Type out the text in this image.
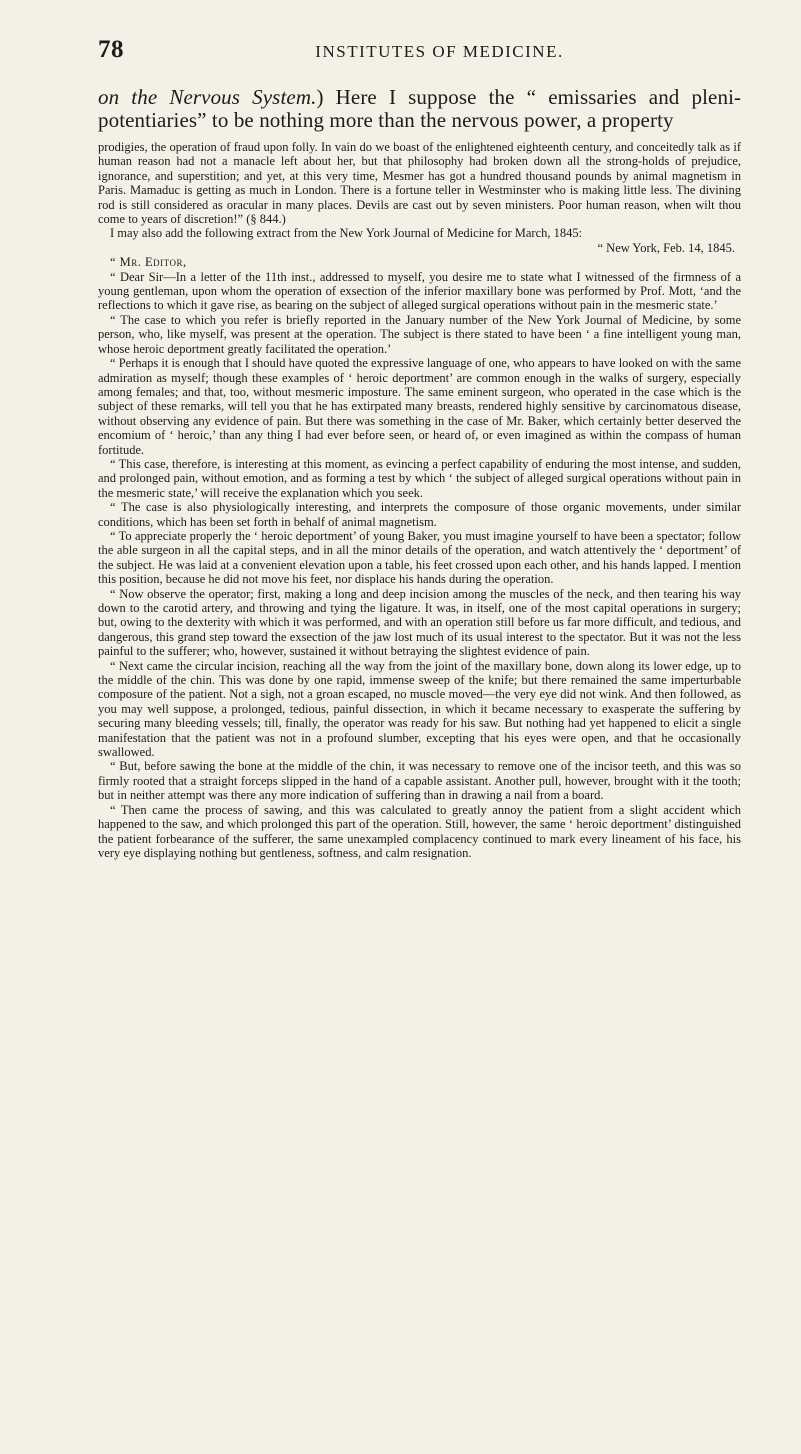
78	INSTITUTES OF MEDICINE.
on the Nervous System.) Here I suppose the “ emissaries and plenipotentiaries” to be nothing more than the nervous power, a property

prodigies, the operation of fraud upon folly. In vain do we boast of the enlightened eighteenth century, and conceitedly talk as if human reason had not a manacle left about her, but that philosophy had broken down all the strong-holds of prejudice, ignorance, and superstition; and yet, at this very time, Mesmer has got a hundred thousand pounds by animal magnetism in Paris. Mamaduc is getting as much in London. There is a fortune teller in Westminster who is making little less. The divining rod is still considered as oracular in many places. Devils are cast out by seven ministers. Poor human reason, when wilt thou come to years of discretion!” (§ 844.)

I may also add the following extract from the New York Journal of Medicine for March, 1845:

“ New York, Feb. 14, 1845.

“ Mr. Editor,

“ Dear Sir—In a letter of the 11th inst., addressed to myself, you desire me to state what I witnessed of the firmness of a young gentleman, upon whom the operation of exsection of the inferior maxillary bone was performed by Prof. Mott, ‘and the reflections to which it gave rise, as bearing on the subject of alleged surgical operations without pain in the mesmeric state.’

“ The case to which you refer is briefly reported in the January number of the New York Journal of Medicine, by some person, who, like myself, was present at the operation. The subject is there stated to have been ‘ a fine intelligent young man, whose heroic deportment greatly facilitated the operation.’

“ Perhaps it is enough that I should have quoted the expressive language of one, who appears to have looked on with the same admiration as myself; though these examples of ‘ heroic deportment’ are common enough in the walks of surgery, especially among females; and that, too, without mesmeric imposture. The same eminent surgeon, who operated in the case which is the subject of these remarks, will tell you that he has extirpated many breasts, rendered highly sensitive by carcinomatous disease, without observing any evidence of pain. But there was something in the case of Mr. Baker, which certainly better deserved the encomium of ‘ heroic,’ than any thing I had ever before seen, or heard of, or even imagined as within the compass of human fortitude.

“ This case, therefore, is interesting at this moment, as evincing a perfect capability of enduring the most intense, and sudden, and prolonged pain, without emotion, and as forming a test by which ‘ the subject of alleged surgical operations without pain in the mesmeric state,’ will receive the explanation which you seek.

“ The case is also physiologically interesting, and interprets the composure of those organic movements, under similar conditions, which has been set forth in behalf of animal magnetism.

“ To appreciate properly the ‘ heroic deportment’ of young Baker, you must imagine yourself to have been a spectator; follow the able surgeon in all the capital steps, and in all the minor details of the operation, and watch attentively the ‘ deportment’ of the subject. He was laid at a convenient elevation upon a table, his feet crossed upon each other, and his hands lapped. I mention this position, because he did not move his feet, nor displace his hands during the operation.

“ Now observe the operator; first, making a long and deep incision among the muscles of the neck, and then tearing his way down to the carotid artery, and throwing and tying the ligature. It was, in itself, one of the most capital operations in surgery; but, owing to the dexterity with which it was performed, and with an operation still before us far more difficult, and tedious, and dangerous, this grand step toward the exsection of the jaw lost much of its usual interest to the spectator. But it was not the less painful to the sufferer; who, however, sustained it without betraying the slightest evidence of pain.

“ Next came the circular incision, reaching all the way from the joint of the maxillary bone, down along its lower edge, up to the middle of the chin. This was done by one rapid, immense sweep of the knife; but there remained the same imperturbable composure of the patient. Not a sigh, not a groan escaped, no muscle moved—the very eye did not wink. And then followed, as you may well suppose, a prolonged, tedious, painful dissection, in which it became necessary to exasperate the suffering by securing many bleeding vessels; till, finally, the operator was ready for his saw. But nothing had yet happened to elicit a single manifestation that the patient was not in a profound slumber, excepting that his eyes were open, and that he occasionally swallowed.

“ But, before sawing the bone at the middle of the chin, it was necessary to remove one of the incisor teeth, and this was so firmly rooted that a straight forceps slipped in the hand of a capable assistant. Another pull, however, brought with it the tooth; but in neither attempt was there any more indication of suffering than in drawing a nail from a board.

“ Then came the process of sawing, and this was calculated to greatly annoy the patient from a slight accident which happened to the saw, and which prolonged this part of the operation. Still, however, the same ‘ heroic deportment’ distinguished the patient forbearance of the sufferer, the same unexampled complacency continued to mark every lineament of his face, his very eye displaying nothing but gentleness, softness, and calm resignation.
